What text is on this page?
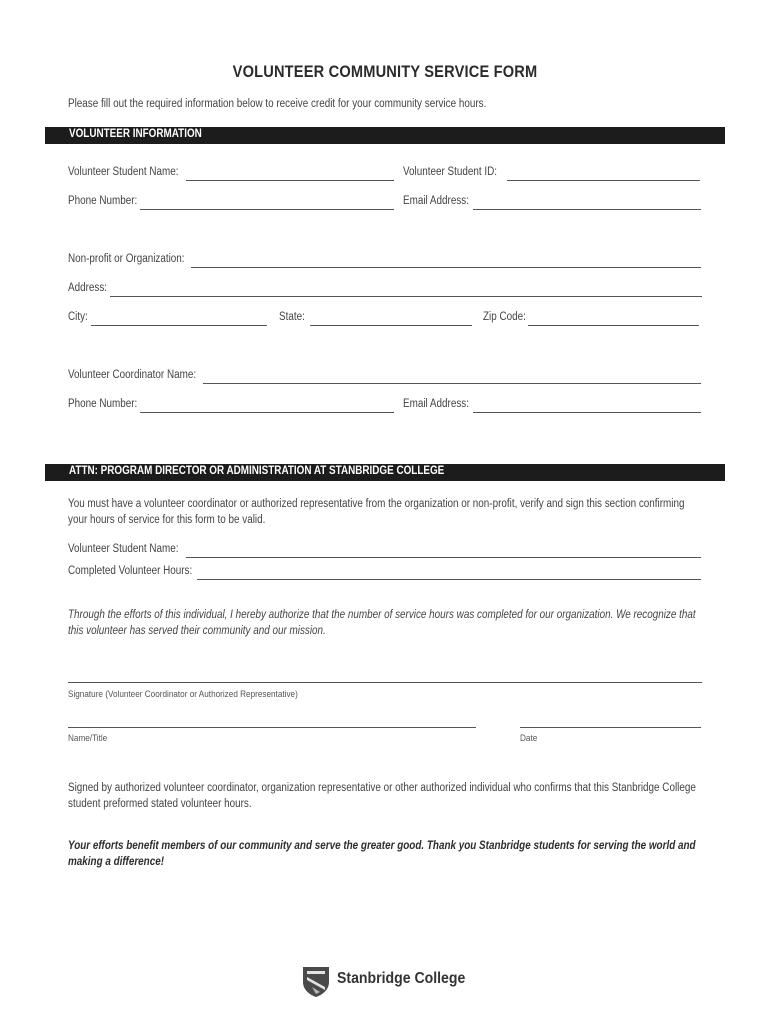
VOLUNTEER COMMUNITY SERVICE FORM
Please fill out the required information below to receive credit for your community service hours.
VOLUNTEER INFORMATION
Volunteer Student Name:	Volunteer Student ID:
Phone Number:	Email Address:
Non-profit or Organization:
Address:
City:	State:	Zip Code:
Volunteer Coordinator Name:
Phone Number:	Email Address:
ATTN: PROGRAM DIRECTOR OR ADMINISTRATION AT STANBRIDGE COLLEGE
You must have a volunteer coordinator or authorized representative from the organization or non-profit, verify and sign this section confirming your hours of service for this form to be valid.
Volunteer Student Name:
Completed Volunteer Hours:
Through the efforts of this individual, I hereby authorize that the number of service hours was completed for our organization. We recognize that this volunteer has served their community and our mission.
Signature (Volunteer Coordinator or Authorized Representative)
Name/Title	Date
Signed by authorized volunteer coordinator, organization representative or other authorized individual who confirms that this Stanbridge College student preformed stated volunteer hours.
Your efforts benefit members of our community and serve the greater good. Thank you Stanbridge students for serving the world and making a difference!
Stanbridge College
